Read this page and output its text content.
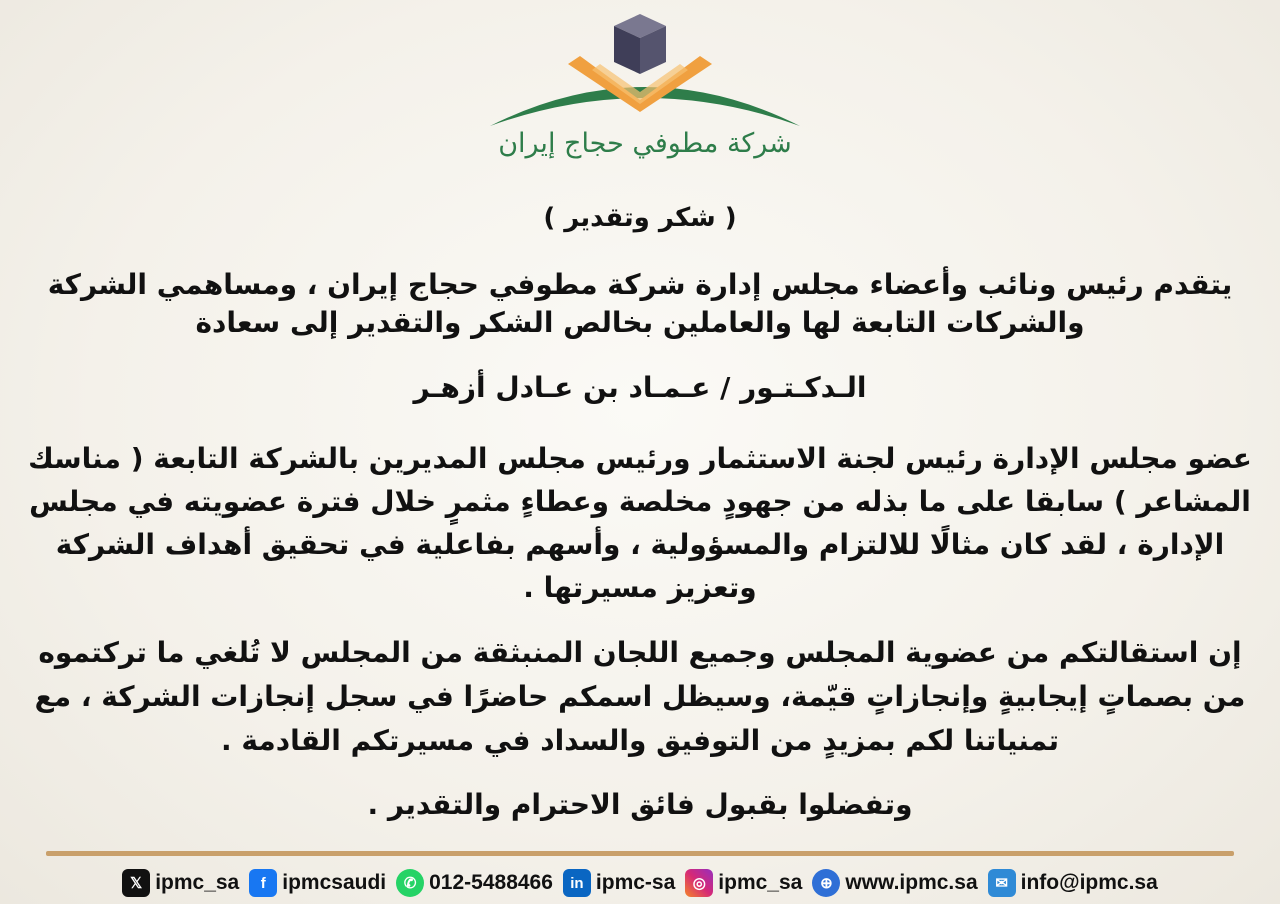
شركة مطوفي حجاج إيران
( شكر وتقدير )
يتقدم رئيس ونائب وأعضاء مجلس إدارة شركة مطوفي حجاج إيران ، ومساهمي الشركة والشركات التابعة لها والعاملين بخالص الشكر والتقدير إلى سعادة
الـدكـتـور / عـمـاد بن عـادل أزهـر
عضو مجلس الإدارة رئيس لجنة الاستثمار ورئيس مجلس المديرين بالشركة التابعة ( مناسك المشاعر ) سابقا على ما بذله من جهودٍ مخلصة وعطاءٍ مثمرٍ خلال فترة عضويته في مجلس الإدارة ، لقد كان مثالًا للالتزام والمسؤولية ، وأسهم بفاعلية في تحقيق أهداف الشركة وتعزيز مسيرتها .
إن استقالتكم من عضوية المجلس وجميع اللجان المنبثقة من المجلس لا تُلغي ما تركتموه من بصماتٍ إيجابيةٍ وإنجازاتٍ قيّمة، وسيظل اسمكم حاضرًا في سجل إنجازات الشركة ، مع تمنياتنا لكم بمزيدٍ من التوفيق والسداد في مسيرتكم القادمة .
وتفضلوا بقبول فائق الاحترام والتقدير .
𝕏 ipmc_sa	f ipmcsaudi	✆ 012-5488466	in ipmc-sa	◎ ipmc_sa	⊕ www.ipmc.sa	✉ info@ipmc.sa
